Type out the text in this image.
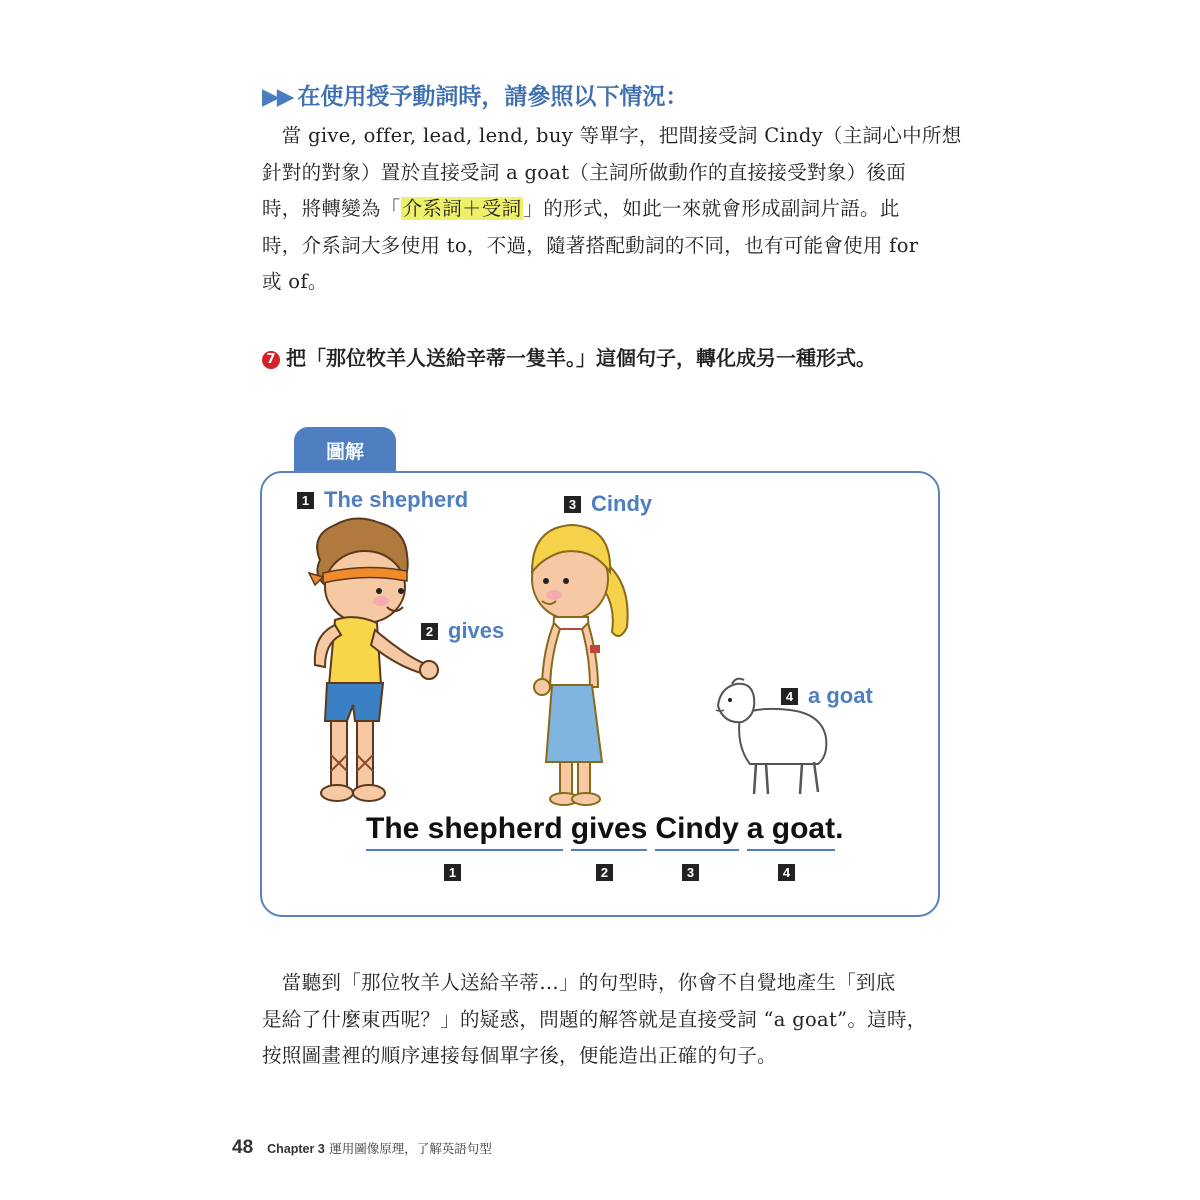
▶▶ 在使用授予動詞時，請參照以下情況：
　當 give, offer, lead, lend, buy 等單字，把間接受詞 Cindy（主詞心中所想
針對的對象）置於直接受詞 a goat（主詞所做動作的直接接受對象）後面
時，將轉變為「 介系詞＋受詞 」的形式，如此一來就會形成副詞片語。此
時，介系詞大多使用 to，不過，隨著搭配動詞的不同，也有可能會使用 for
或 of。
7 把「那位牧羊人送給辛蒂一隻羊。」這個句子，轉化成另一種形式。
圖解
1 The shepherd	3 Cindy
2 gives
4 a goat
The shepherd gives Cindy a goat.
1	2	3	4
　當聽到「那位牧羊人送給辛蒂…」的句型時，你會不自覺地產生「到底
是給了什麼東西呢？」的疑惑，問題的解答就是直接受詞 “a goat”。這時，
按照圖畫裡的順序連接每個單字後，便能造出正確的句子。
48 Chapter 3 運用圖像原理，了解英語句型
